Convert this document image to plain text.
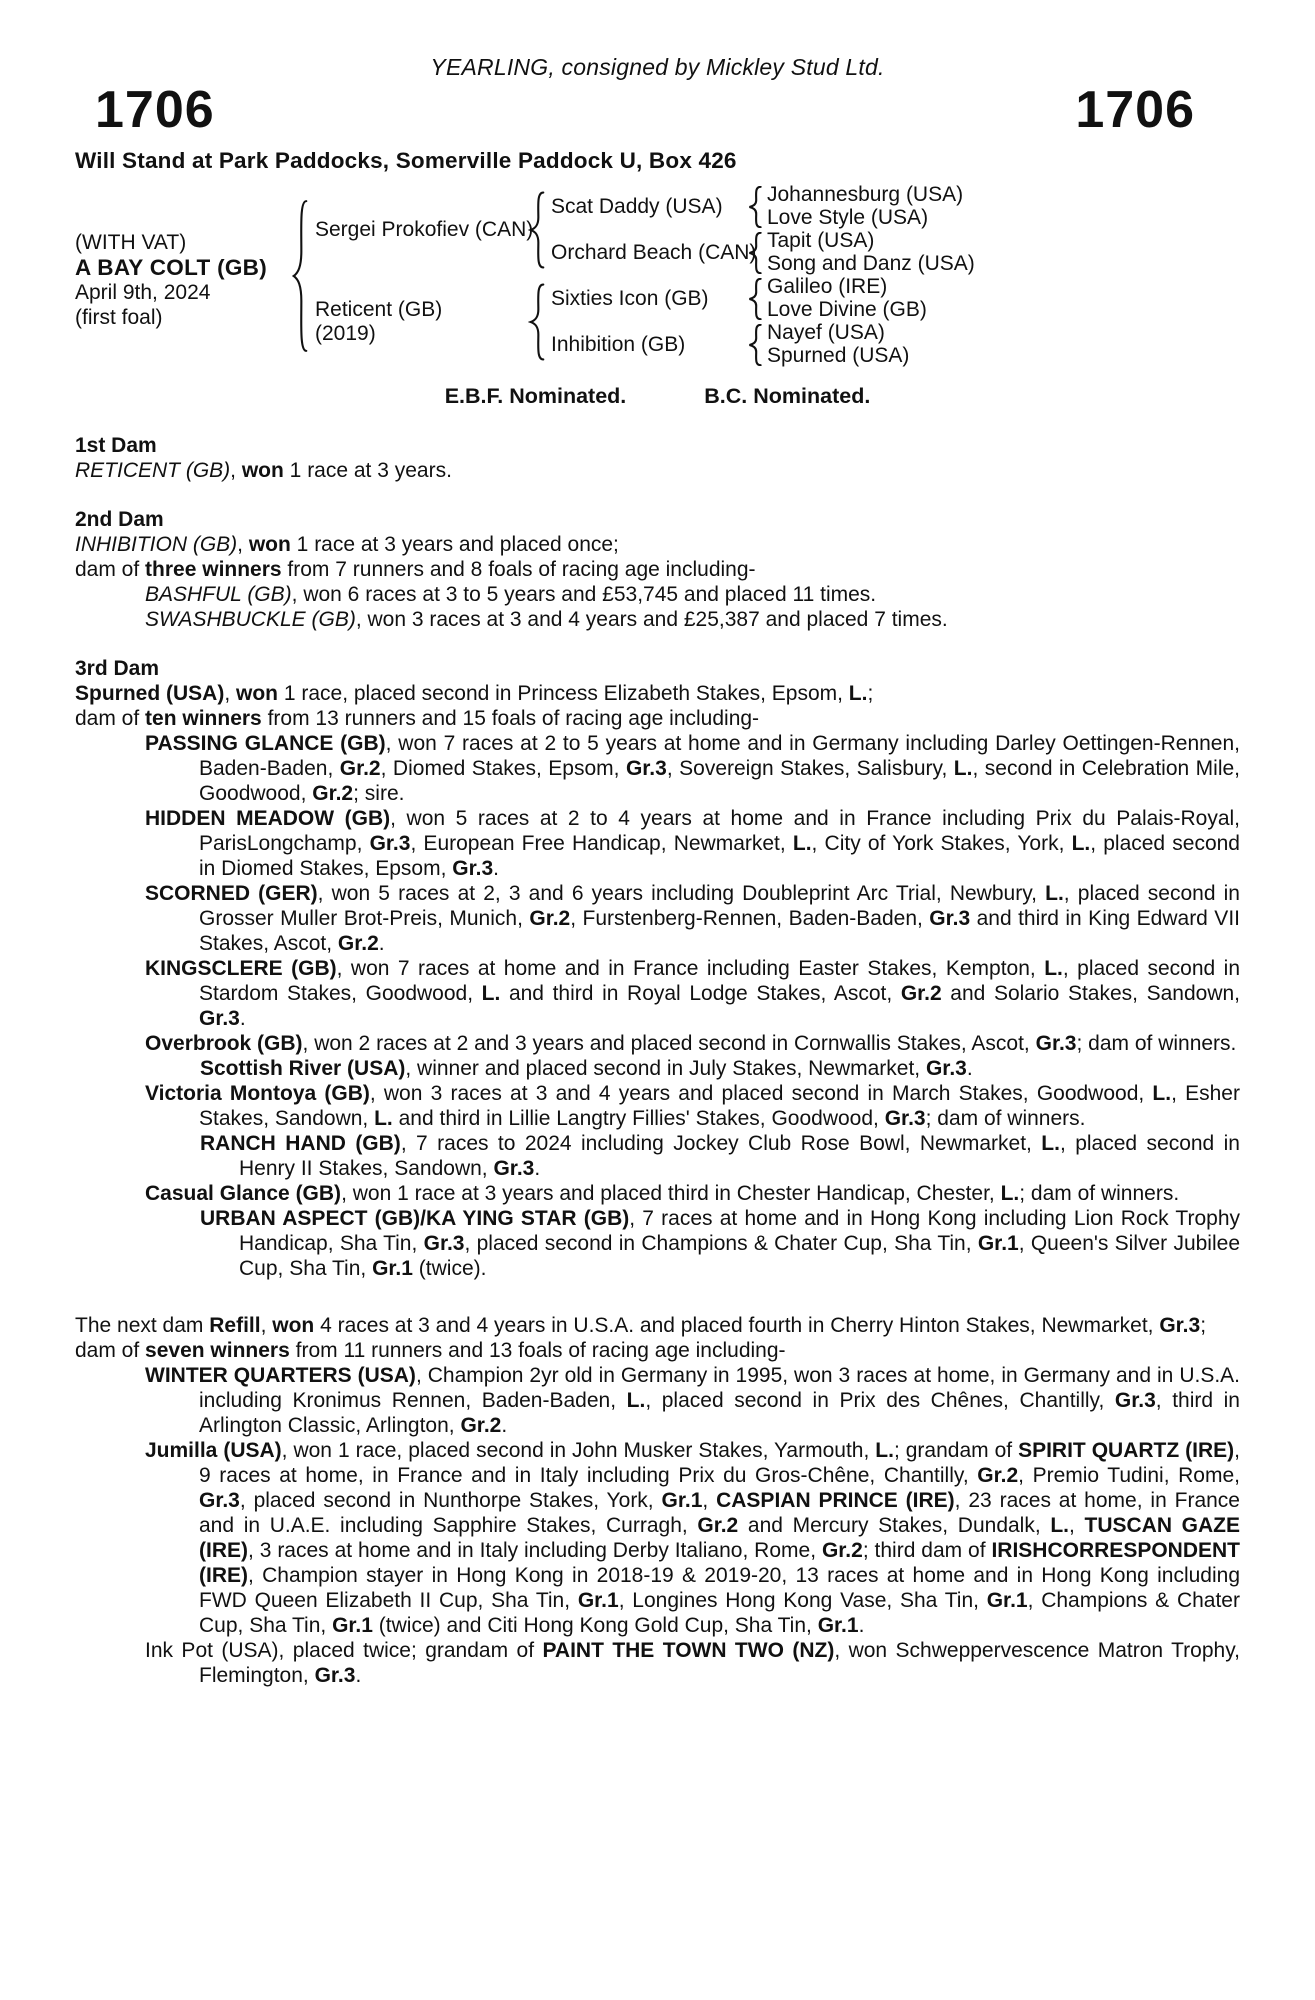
YEARLING, consigned by Mickley Stud Ltd.
1706	1706
Will Stand at Park Paddocks, Somerville Paddock U, Box 426
(WITH VAT)
A BAY COLT (GB)
April 9th, 2024
(first foal)
Sergei Prokofiev (CAN)
Reticent (GB)
(2019)
Scat Daddy (USA)
Orchard Beach (CAN)
Sixties Icon (GB)
Inhibition (GB)
Johannesburg (USA)
Love Style (USA)
Tapit (USA)
Song and Danz (USA)
Galileo (IRE)
Love Divine (GB)
Nayef (USA)
Spurned (USA)
E.B.F. Nominated.	B.C. Nominated.
1st Dam
RETICENT (GB), won 1 race at 3 years.
2nd Dam
INHIBITION (GB), won 1 race at 3 years and placed once;
dam of three winners from 7 runners and 8 foals of racing age including-
BASHFUL (GB), won 6 races at 3 to 5 years and £53,745 and placed 11 times.
SWASHBUCKLE (GB), won 3 races at 3 and 4 years and £25,387 and placed 7 times.
3rd Dam
Spurned (USA), won 1 race, placed second in Princess Elizabeth Stakes, Epsom, L.;
dam of ten winners from 13 runners and 15 foals of racing age including-
PASSING GLANCE (GB), won 7 races at 2 to 5 years at home and in Germany including Darley Oettingen-Rennen, Baden-Baden, Gr.2, Diomed Stakes, Epsom, Gr.3, Sovereign Stakes, Salisbury, L., second in Celebration Mile, Goodwood, Gr.2; sire.
HIDDEN MEADOW (GB), won 5 races at 2 to 4 years at home and in France including Prix du Palais-Royal, ParisLongchamp, Gr.3, European Free Handicap, Newmarket, L., City of York Stakes, York, L., placed second in Diomed Stakes, Epsom, Gr.3.
SCORNED (GER), won 5 races at 2, 3 and 6 years including Doubleprint Arc Trial, Newbury, L., placed second in Grosser Muller Brot-Preis, Munich, Gr.2, Furstenberg-Rennen, Baden-Baden, Gr.3 and third in King Edward VII Stakes, Ascot, Gr.2.
KINGSCLERE (GB), won 7 races at home and in France including Easter Stakes, Kempton, L., placed second in Stardom Stakes, Goodwood, L. and third in Royal Lodge Stakes, Ascot, Gr.2 and Solario Stakes, Sandown, Gr.3.
Overbrook (GB), won 2 races at 2 and 3 years and placed second in Cornwallis Stakes, Ascot, Gr.3; dam of winners.
Scottish River (USA), winner and placed second in July Stakes, Newmarket, Gr.3.
Victoria Montoya (GB), won 3 races at 3 and 4 years and placed second in March Stakes, Goodwood, L., Esher Stakes, Sandown, L. and third in Lillie Langtry Fillies' Stakes, Goodwood, Gr.3; dam of winners.
RANCH HAND (GB), 7 races to 2024 including Jockey Club Rose Bowl, Newmarket, L., placed second in Henry II Stakes, Sandown, Gr.3.
Casual Glance (GB), won 1 race at 3 years and placed third in Chester Handicap, Chester, L.; dam of winners.
URBAN ASPECT (GB)/KA YING STAR (GB), 7 races at home and in Hong Kong including Lion Rock Trophy Handicap, Sha Tin, Gr.3, placed second in Champions & Chater Cup, Sha Tin, Gr.1, Queen's Silver Jubilee Cup, Sha Tin, Gr.1 (twice).
The next dam Refill, won 4 races at 3 and 4 years in U.S.A. and placed fourth in Cherry Hinton Stakes, Newmarket, Gr.3;
dam of seven winners from 11 runners and 13 foals of racing age including-
WINTER QUARTERS (USA), Champion 2yr old in Germany in 1995, won 3 races at home, in Germany and in U.S.A. including Kronimus Rennen, Baden-Baden, L., placed second in Prix des Chênes, Chantilly, Gr.3, third in Arlington Classic, Arlington, Gr.2.
Jumilla (USA), won 1 race, placed second in John Musker Stakes, Yarmouth, L.; grandam of SPIRIT QUARTZ (IRE), 9 races at home, in France and in Italy including Prix du Gros-Chêne, Chantilly, Gr.2, Premio Tudini, Rome, Gr.3, placed second in Nunthorpe Stakes, York, Gr.1, CASPIAN PRINCE (IRE), 23 races at home, in France and in U.A.E. including Sapphire Stakes, Curragh, Gr.2 and Mercury Stakes, Dundalk, L., TUSCAN GAZE (IRE), 3 races at home and in Italy including Derby Italiano, Rome, Gr.2; third dam of IRISHCORRESPONDENT (IRE), Champion stayer in Hong Kong in 2018-19 & 2019-20, 13 races at home and in Hong Kong including FWD Queen Elizabeth II Cup, Sha Tin, Gr.1, Longines Hong Kong Vase, Sha Tin, Gr.1, Champions & Chater Cup, Sha Tin, Gr.1 (twice) and Citi Hong Kong Gold Cup, Sha Tin, Gr.1.
Ink Pot (USA), placed twice; grandam of PAINT THE TOWN TWO (NZ), won Schweppervescence Matron Trophy, Flemington, Gr.3.
